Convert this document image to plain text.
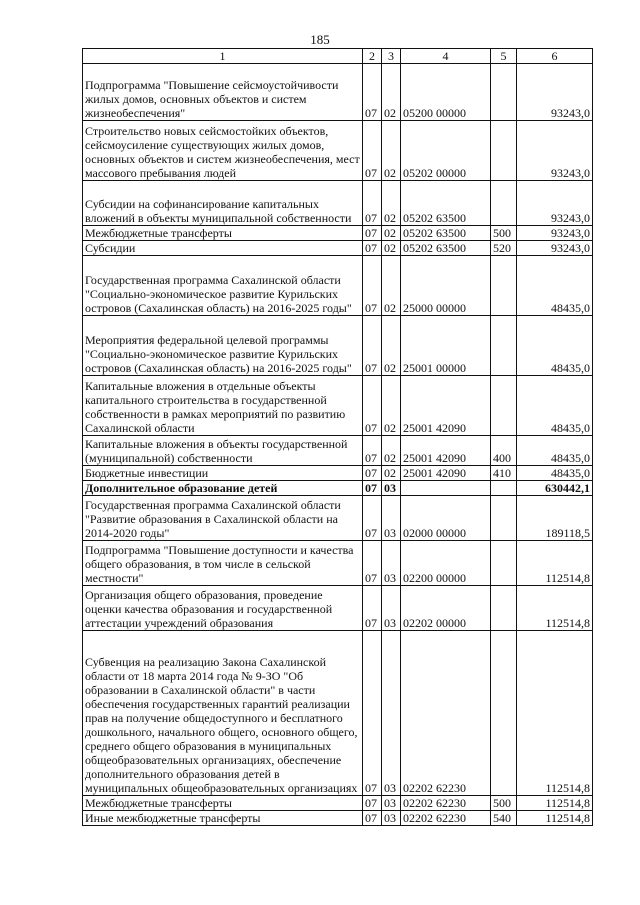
185
1	2	3	4	5	6
Подпрограмма "Повышение сейсмоустойчивости жилых домов, основных объектов и систем жизнеобеспечения"	07	02	05200 00000		93243,0
Строительство новых сейсмостойких объектов, сейсмоусиление существующих жилых домов, основных объектов и систем жизнеобеспечения, мест массового пребывания людей	07	02	05202 00000		93243,0
Субсидии на софинансирование капитальных вложений в объекты муниципальной собственности	07	02	05202 63500		93243,0
Межбюджетные трансферты	07	02	05202 63500	500	93243,0
Субсидии	07	02	05202 63500	520	93243,0
Государственная программа Сахалинской области "Социально-экономическое развитие Курильских островов (Сахалинская область) на 2016-2025 годы"	07	02	25000 00000		48435,0
Мероприятия федеральной целевой программы "Социально-экономическое развитие Курильских островов (Сахалинская область) на 2016-2025 годы"	07	02	25001 00000		48435,0
Капитальные вложения в отдельные объекты капитального строительства в государственной собственности в рамках мероприятий по развитию Сахалинской области	07	02	25001 42090		48435,0
Капитальные вложения в объекты государственной (муниципальной) собственности	07	02	25001 42090	400	48435,0
Бюджетные инвестиции	07	02	25001 42090	410	48435,0
Дополнительное образование детей	07	03			630442,1
Государственная программа Сахалинской области "Развитие образования в Сахалинской области на 2014-2020 годы"	07	03	02000 00000		189118,5
Подпрограмма "Повышение доступности и качества общего образования, в том числе в сельской местности"	07	03	02200 00000		112514,8
Организация общего образования, проведение оценки качества образования и государственной аттестации учреждений образования	07	03	02202 00000		112514,8
Субвенция на реализацию Закона Сахалинской области от 18 марта 2014 года № 9-ЗО "Об образовании в Сахалинской области" в части обеспечения государственных гарантий реализации прав на получение общедоступного и бесплатного дошкольного, начального общего, основного общего, среднего общего образования в муниципальных общеобразовательных организациях, обеспечение дополнительного образования детей в муниципальных общеобразовательных организациях	07	03	02202 62230		112514,8
Межбюджетные трансферты	07	03	02202 62230	500	112514,8
Иные межбюджетные трансферты	07	03	02202 62230	540	112514,8
